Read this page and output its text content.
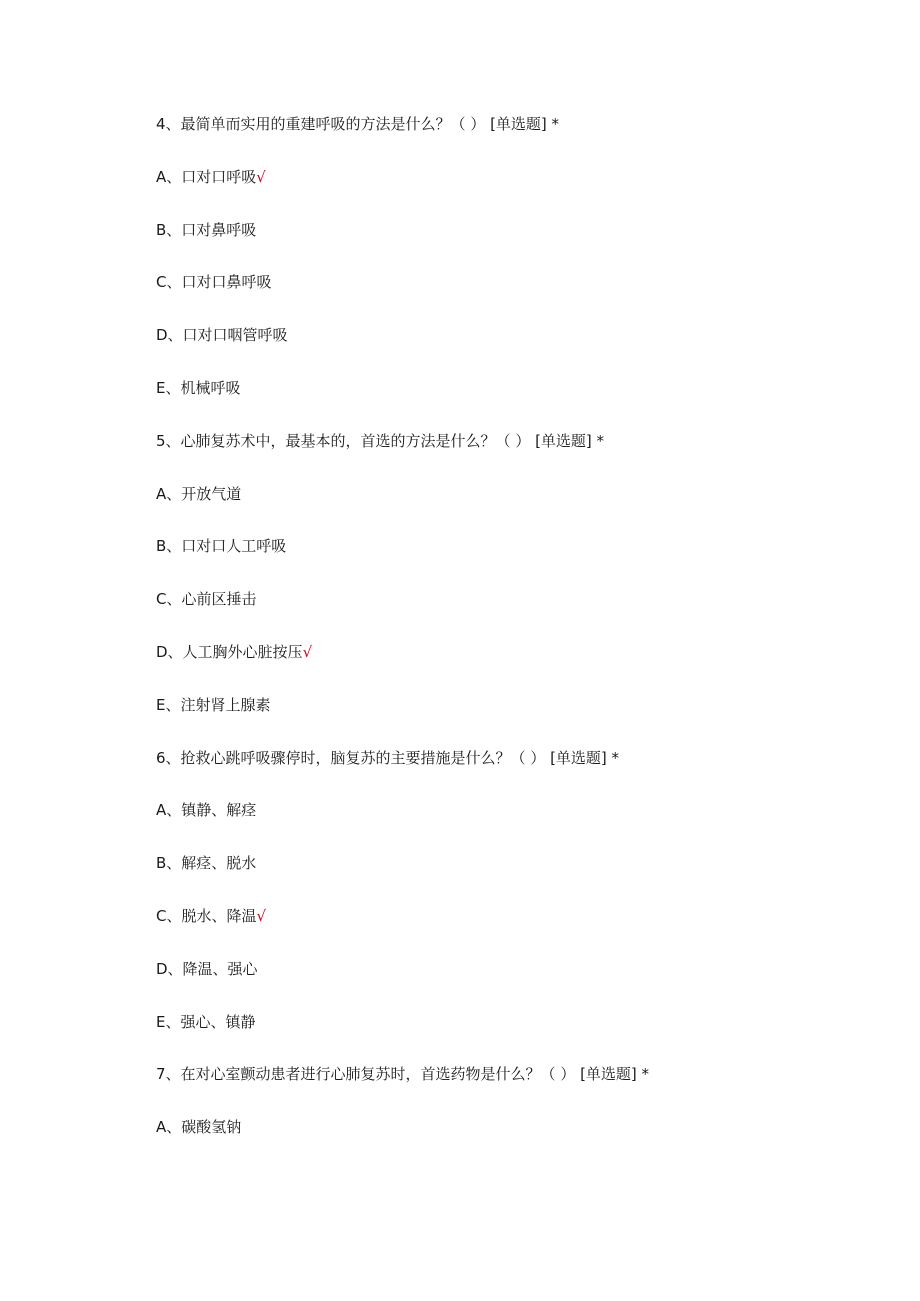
4、最简单而实用的重建呼吸的方法是什么？（ ） [单选题] *
A、口对口呼吸√
B、口对鼻呼吸
C、口对口鼻呼吸
D、口对口咽管呼吸
E、机械呼吸
5、心肺复苏术中，最基本的，首选的方法是什么？（ ） [单选题] *
A、开放气道
B、口对口人工呼吸
C、心前区捶击
D、人工胸外心脏按压√
E、注射肾上腺素
6、抢救心跳呼吸骤停时，脑复苏的主要措施是什么？（ ） [单选题] *
A、镇静、解痉
B、解痉、脱水
C、脱水、降温√
D、降温、强心
E、强心、镇静
7、在对心室颤动患者进行心肺复苏时，首选药物是什么？（ ） [单选题] *
A、碳酸氢钠
